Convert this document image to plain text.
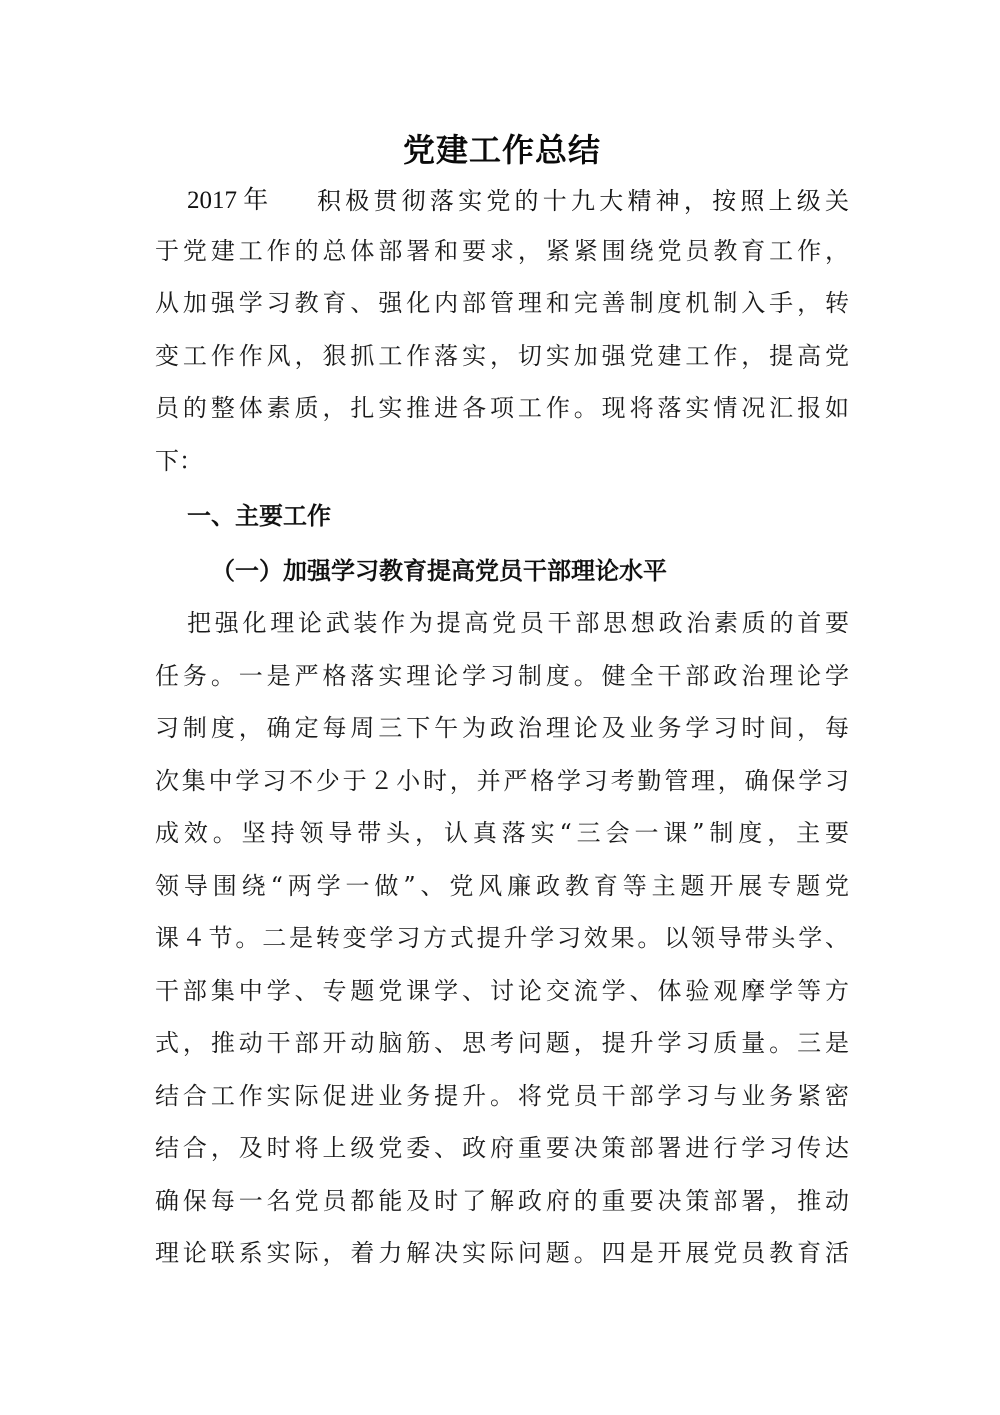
党建工作总结
2017 年	积极贯彻落实党的十九大精神，按照上级关
于党建工作的总体部署和要求，紧紧围绕党员教育工作，
从加强学习教育、强化内部管理和完善制度机制入手，转
变工作作风，狠抓工作落实，切实加强党建工作，提高党
员的整体素质，扎实推进各项工作。现将落实情况汇报如
下：
一、主要工作
（一）加强学习教育提高党员干部理论水平
把强化理论武装作为提高党员干部思想政治素质的首要
任务。一是严格落实理论学习制度。健全干部政治理论学
习制度，确定每周三下午为政治理论及业务学习时间，每
次集中学习不少于２小时，并严格学习考勤管理，确保学习
成效。坚持领导带头，认真落实“三会一课”制度，主要
领导围绕“两学一做”、党风廉政教育等主题开展专题党
课４节。二是转变学习方式提升学习效果。以领导带头学、
干部集中学、专题党课学、讨论交流学、体验观摩学等方
式，推动干部开动脑筋、思考问题，提升学习质量。三是
结合工作实际促进业务提升。将党员干部学习与业务紧密
结合，及时将上级党委、政府重要决策部署进行学习传达
确保每一名党员都能及时了解政府的重要决策部署，推动
理论联系实际，着力解决实际问题。四是开展党员教育活
